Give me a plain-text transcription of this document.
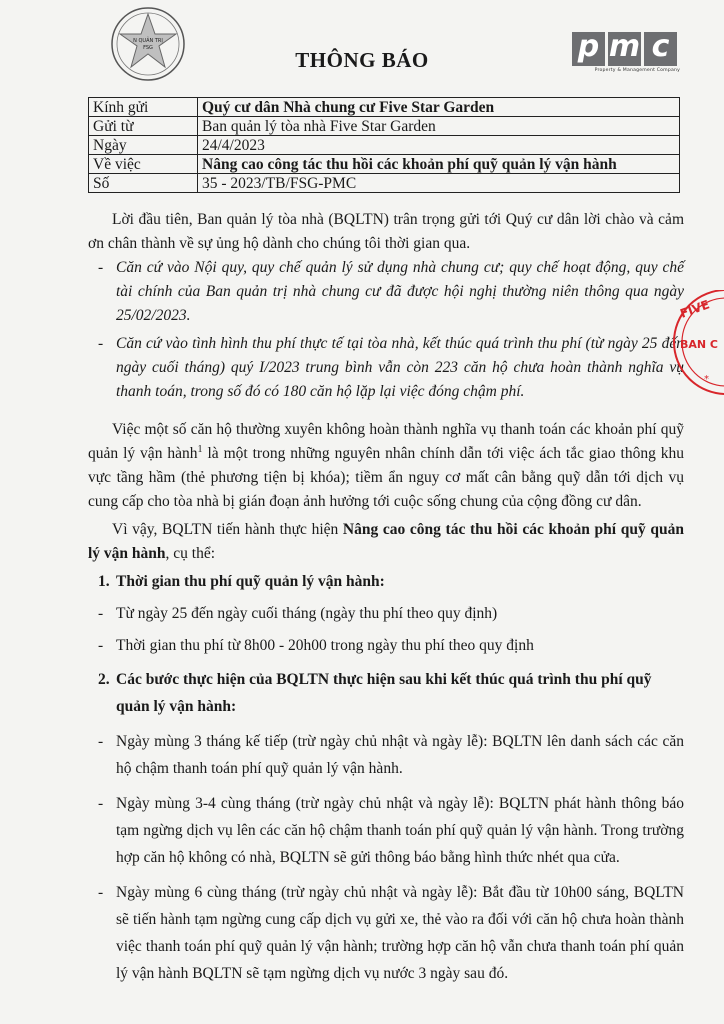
N QUẢN TRỊ
FSG	p m c
Property & Management Company
THÔNG BÁO
Kính gửi	Quý cư dân Nhà chung cư Five Star Garden
Gửi từ	Ban quản lý tòa nhà Five Star Garden
Ngày	24/4/2023
Về việc	Nâng cao công tác thu hồi các khoản phí quỹ quản lý vận hành
Số	35 - 2023/TB/FSG-PMC

Lời đầu tiên, Ban quản lý tòa nhà (BQLTN) trân trọng gửi tới Quý cư dân lời chào và cảm ơn chân thành về sự ủng hộ dành cho chúng tôi thời gian qua.

- Căn cứ vào Nội quy, quy chế quản lý sử dụng nhà chung cư; quy chế hoạt động, quy chế tài chính của Ban quản trị nhà chung cư đã được hội nghị thường niên thông qua ngày 25/02/2023.
- Căn cứ vào tình hình thu phí thực tế tại tòa nhà, kết thúc quá trình thu phí (từ ngày 25 đến ngày cuối tháng) quý I/2023 trung bình vẫn còn 223 căn hộ chưa hoàn thành nghĩa vụ thanh toán, trong số đó có 180 căn hộ lặp lại việc đóng chậm phí.

Việc một số căn hộ thường xuyên không hoàn thành nghĩa vụ thanh toán các khoản phí quỹ quản lý vận hành$^1$ là một trong những nguyên nhân chính dẫn tới việc ách tắc giao thông khu vực tầng hầm (thẻ phương tiện bị khóa); tiềm ẩn nguy cơ mất cân bằng quỹ dẫn tới dịch vụ cung cấp cho tòa nhà bị gián đoạn ảnh hưởng tới cuộc sống chung của cộng đồng cư dân.

Vì vậy, BQLTN tiến hành thực hiện Nâng cao công tác thu hồi các khoản phí quỹ quản lý vận hành, cụ thể:

1. Thời gian thu phí quỹ quản lý vận hành:
- Từ ngày 25 đến ngày cuối tháng (ngày thu phí theo quy định)
- Thời gian thu phí từ 8h00 - 20h00 trong ngày thu phí theo quy định
2. Các bước thực hiện của BQLTN thực hiện sau khi kết thúc quá trình thu phí quỹ quản lý vận hành:
- Ngày mùng 3 tháng kế tiếp (trừ ngày chủ nhật và ngày lễ): BQLTN lên danh sách các căn hộ chậm thanh toán phí quỹ quản lý vận hành.
- Ngày mùng 3-4 cùng tháng (trừ ngày chủ nhật và ngày lễ): BQLTN phát hành thông báo tạm ngừng dịch vụ lên các căn hộ chậm thanh toán phí quỹ quản lý vận hành. Trong trường hợp căn hộ không có nhà, BQLTN sẽ gửi thông báo bằng hình thức nhét qua cửa.
- Ngày mùng 6 cùng tháng (trừ ngày chủ nhật và ngày lễ): Bắt đầu từ 10h00 sáng, BQLTN sẽ tiến hành tạm ngừng cung cấp dịch vụ gửi xe, thẻ vào ra đối với căn hộ chưa hoàn thành việc thanh toán phí quỹ quản lý vận hành; trường hợp căn hộ vẫn chưa thanh toán phí quản lý vận hành BQLTN sẽ tạm ngừng dịch vụ nước 3 ngày sau đó.
FIVE
BAN C
*
